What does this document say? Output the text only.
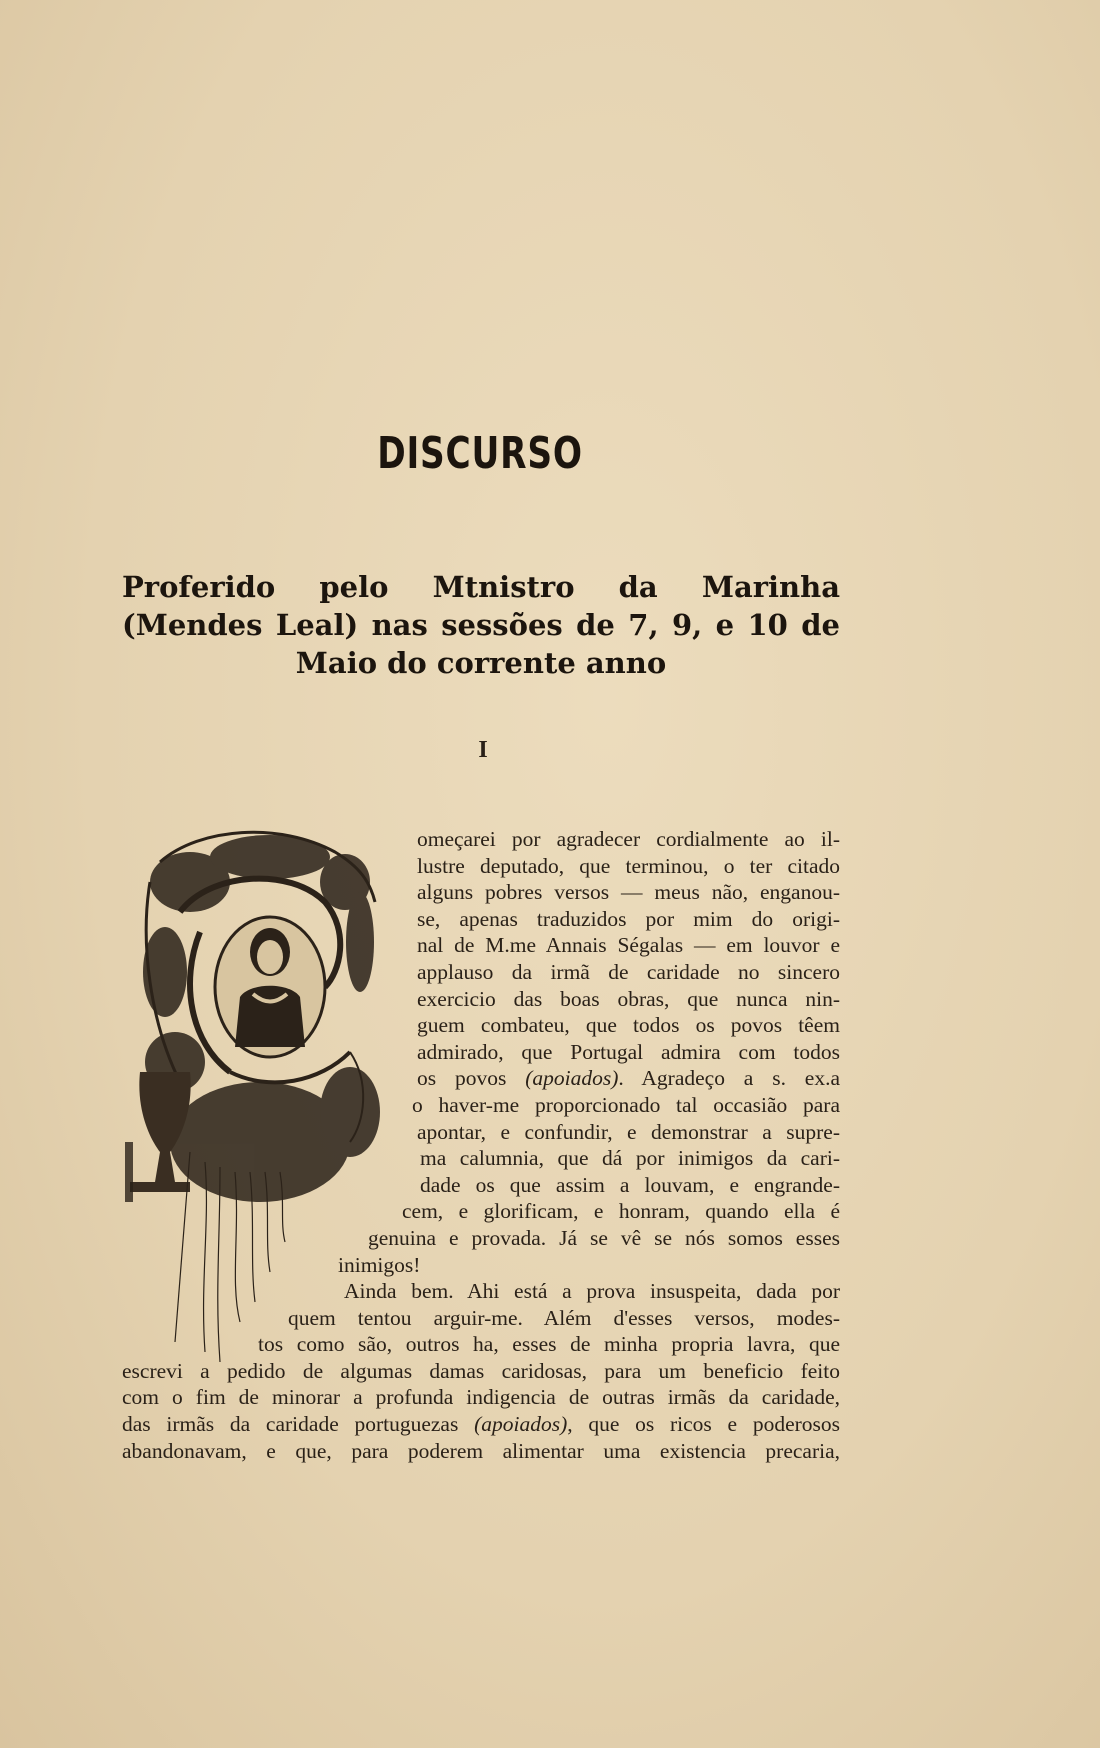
DISCURSO
Proferido pelo Mtnistro da Marinha (Mendes Leal) nas sessões de 7, 9, e 10 de Maio do corrente anno
I
omeçarei por agradecer cordialmente ao il-
lustre deputado, que terminou, o ter citado
alguns pobres versos — meus não, enganou-
se, apenas traduzidos por mim do origi-
nal de M.me Annais Ségalas — em louvor e
applauso da irmã de caridade no sincero
exercicio das boas obras, que nunca nin-
guem combateu, que todos os povos têem
admirado, que Portugal admira com todos
os povos (apoiados). Agradeço a s. ex.a
o haver-me proporcionado tal occasião para
apontar, e confundir, e demonstrar a supre-
ma calumnia, que dá por inimigos da cari-
dade os que assim a louvam, e engrande-
cem, e glorificam, e honram, quando ella é
genuina e provada. Já se vê se nós somos esses
inimigos!
Ainda bem. Ahi está a prova insuspeita, dada por
quem tentou arguir-me. Além d'esses versos, modes-
tos como são, outros ha, esses de minha propria lavra, que
escrevi a pedido de algumas damas caridosas, para um beneficio feito
com o fim de minorar a profunda indigencia de outras irmãs da caridade,
das irmãs da caridade portuguezas (apoiados), que os ricos e poderosos
abandonavam, e que, para poderem alimentar uma existencia precaria,
